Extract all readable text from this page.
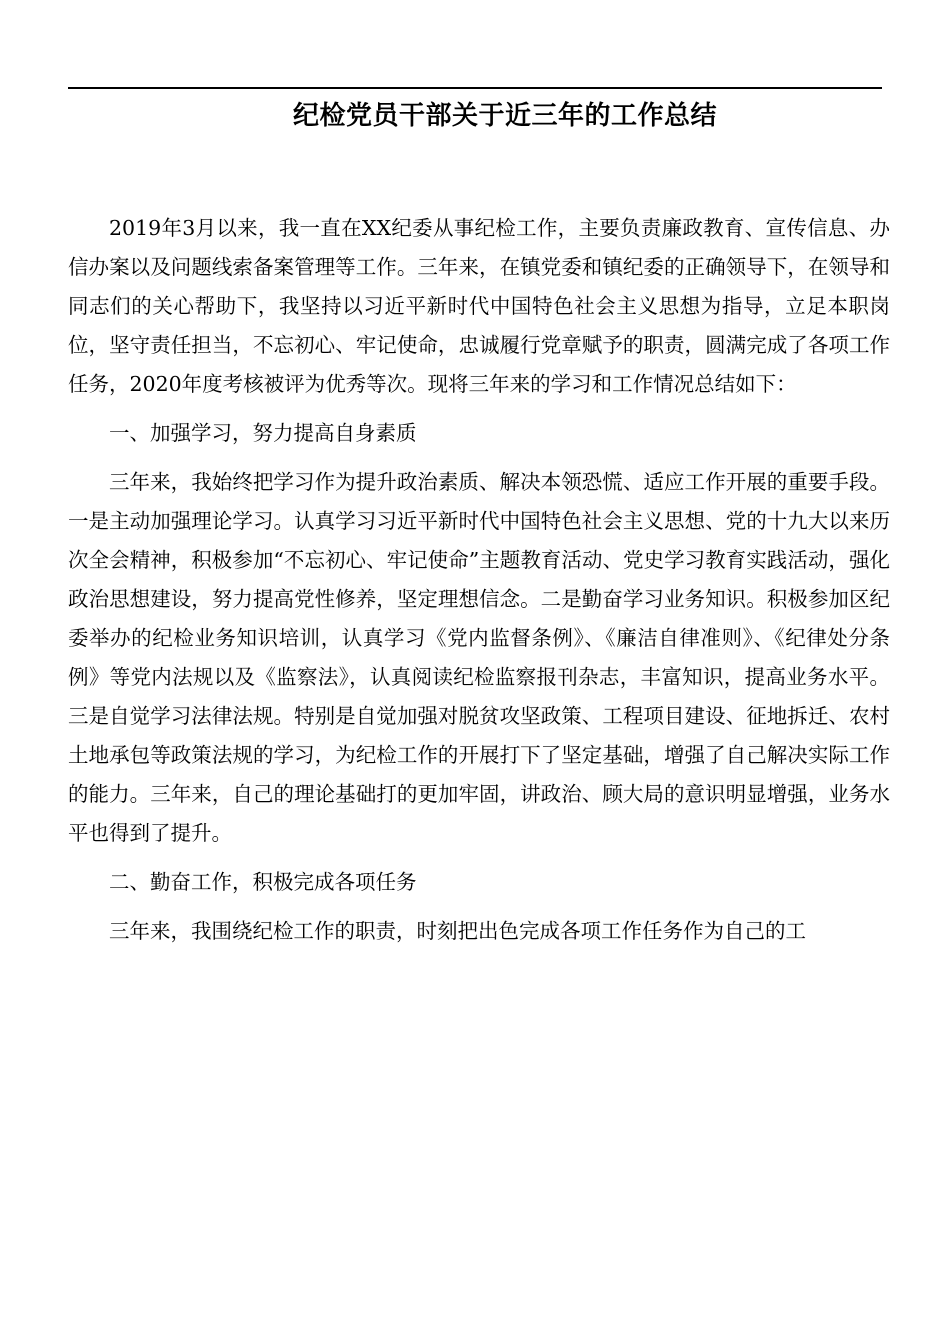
纪检党员干部关于近三年的工作总结

2019年3月以来，我一直在XX纪委从事纪检工作，主要负责廉政教育、宣传信息、办信办案以及问题线索备案管理等工作。三年来，在镇党委和镇纪委的正确领导下，在领导和同志们的关心帮助下，我坚持以习近平新时代中国特色社会主义思想为指导，立足本职岗位，坚守责任担当，不忘初心、牢记使命，忠诚履行党章赋予的职责，圆满完成了各项工作任务，2020年度考核被评为优秀等次。现将三年来的学习和工作情况总结如下：

一、加强学习，努力提高自身素质

三年来，我始终把学习作为提升政治素质、解决本领恐慌、适应工作开展的重要手段。一是主动加强理论学习。认真学习习近平新时代中国特色社会主义思想、党的十九大以来历次全会精神，积极参加“不忘初心、牢记使命”主题教育活动、党史学习教育实践活动，强化政治思想建设，努力提高党性修养，坚定理想信念。二是勤奋学习业务知识。积极参加区纪委举办的纪检业务知识培训，认真学习《党内监督条例》、《廉洁自律准则》、《纪律处分条例》等党内法规以及《监察法》，认真阅读纪检监察报刊杂志，丰富知识，提高业务水平。三是自觉学习法律法规。特别是自觉加强对脱贫攻坚政策、工程项目建设、征地拆迁、农村土地承包等政策法规的学习，为纪检工作的开展打下了坚定基础，增强了自己解决实际工作的能力。三年来，自己的理论基础打的更加牢固，讲政治、顾大局的意识明显增强，业务水平也得到了提升。

二、勤奋工作，积极完成各项任务

三年来，我围绕纪检工作的职责，时刻把出色完成各项工作任务作为自己的工
